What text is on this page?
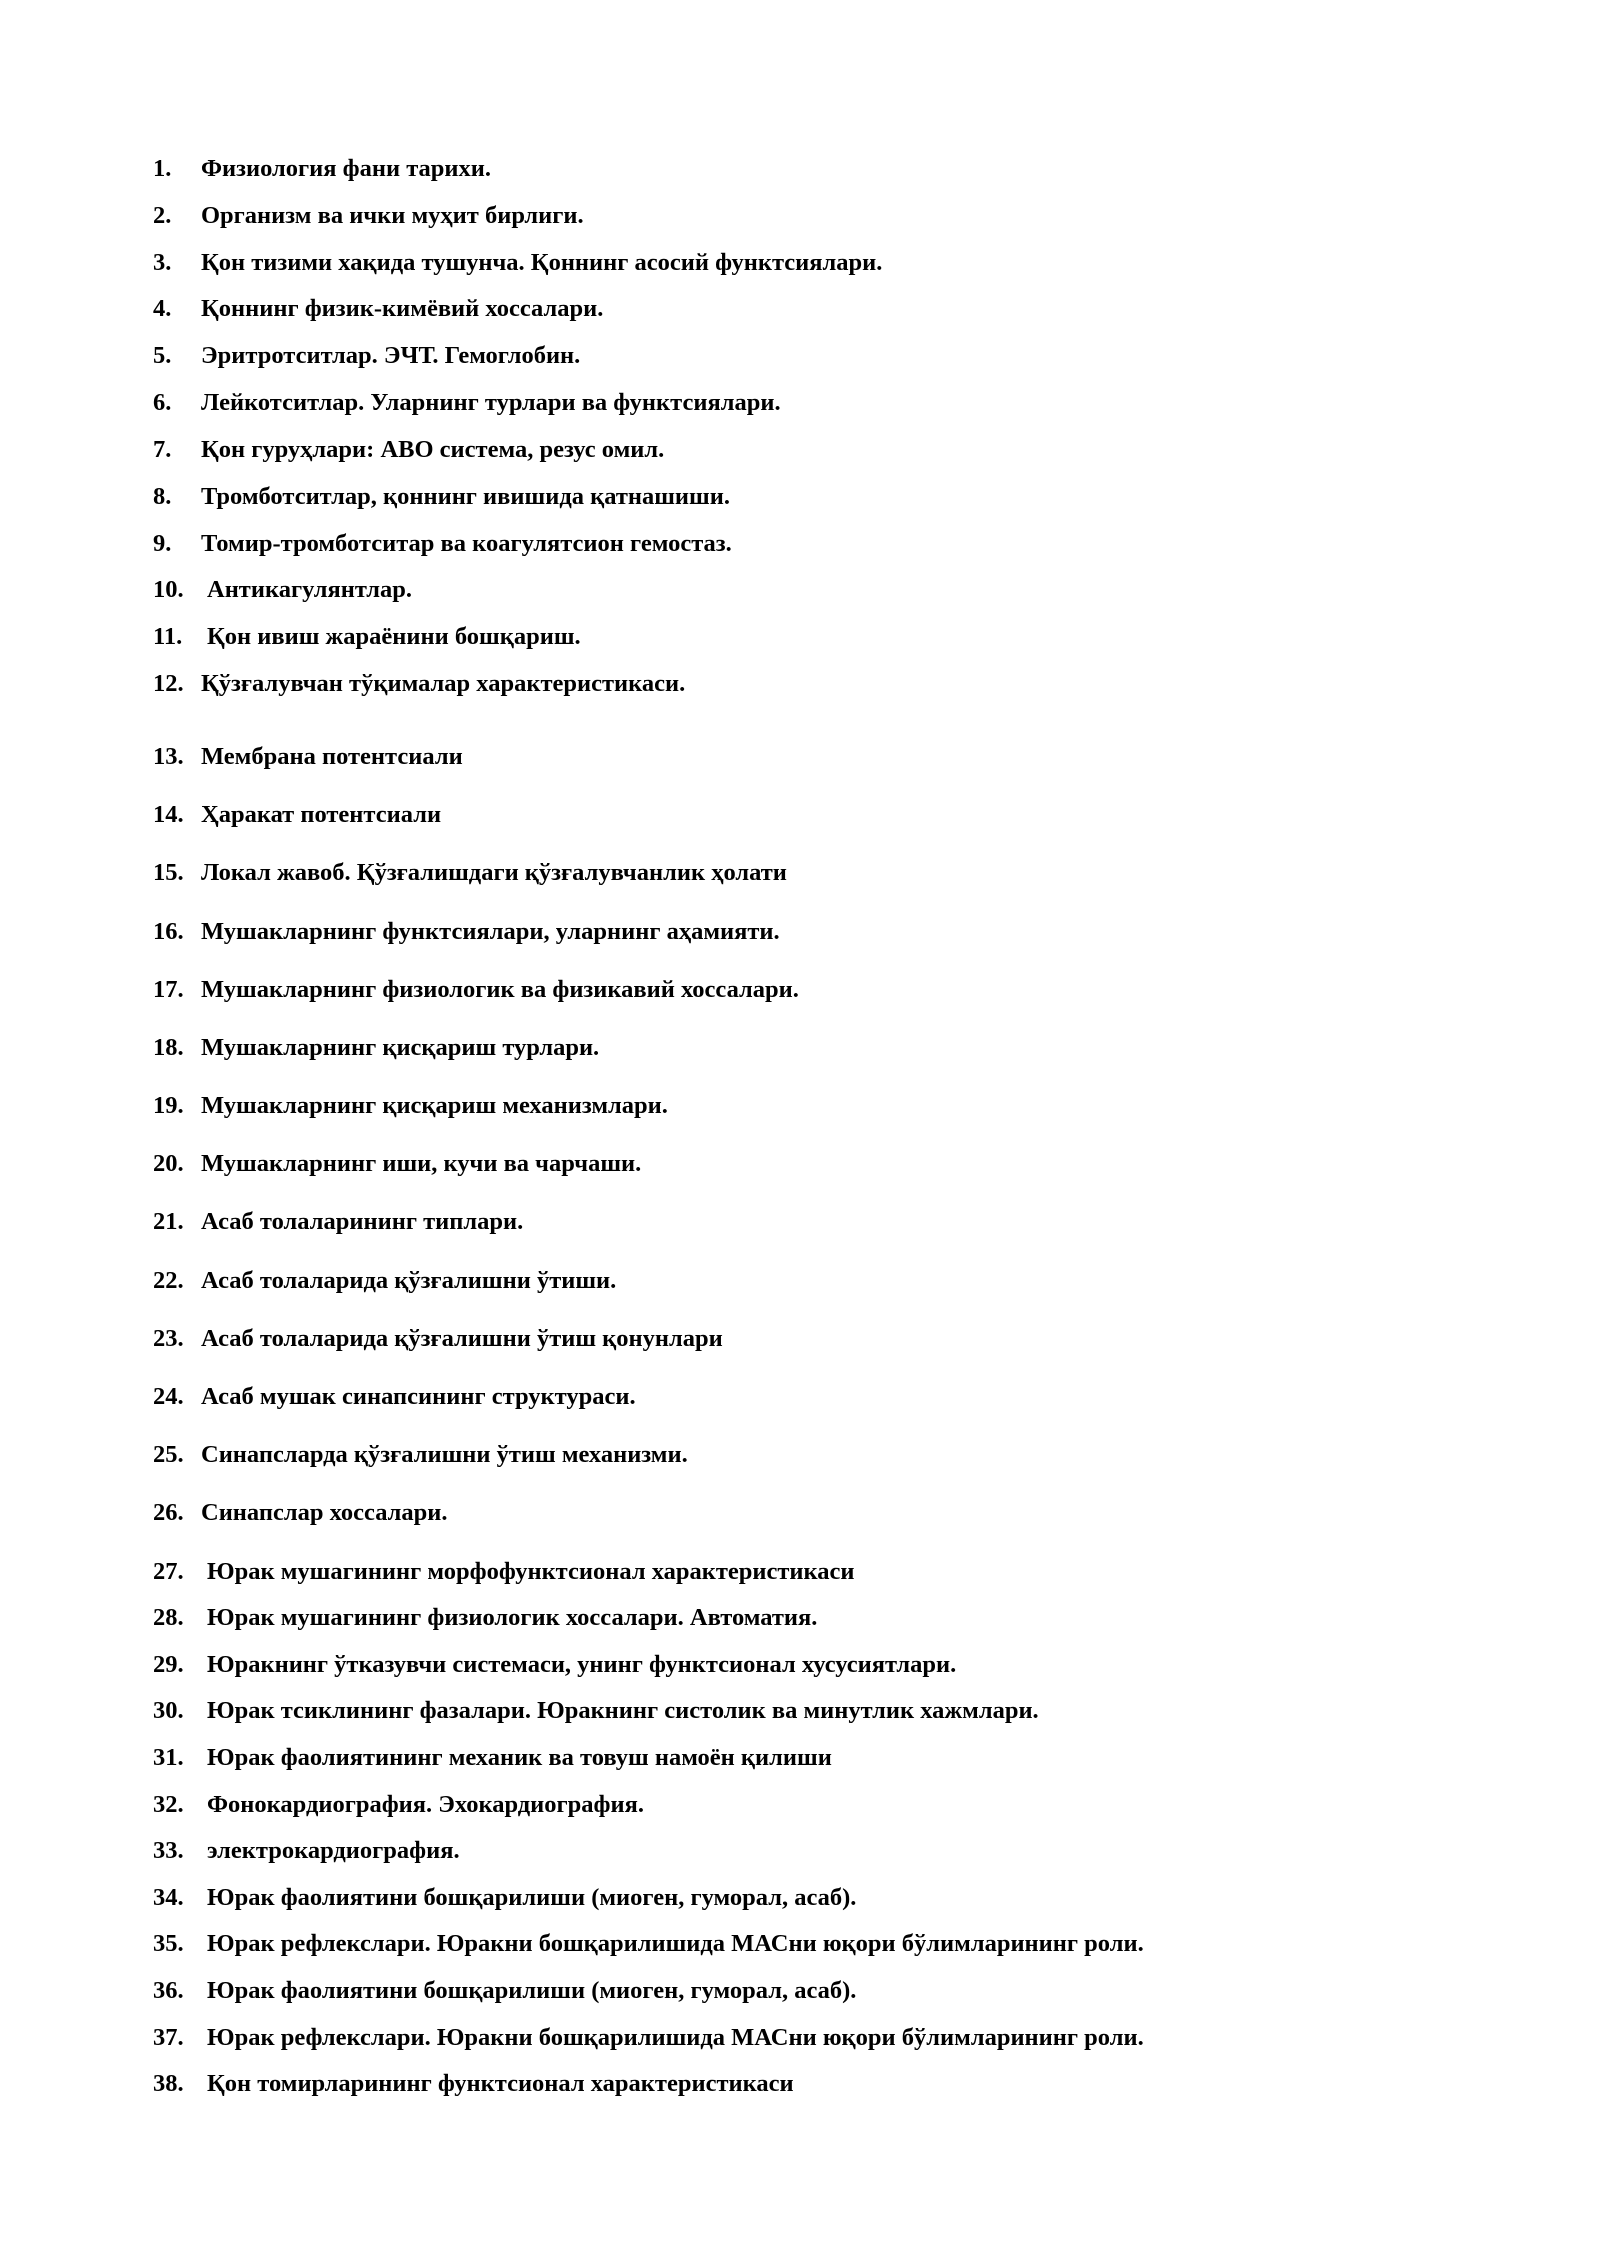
1. Физиология фани тарихи.
2. Организм ва ички муҳит бирлиги.
3. Қон тизими хақида тушунча. Қоннинг асосий функтсиялари.
4. Қоннинг физик-кимёвий хоссалари.
5. Эритротситлар. ЭЧТ. Гемоглобин.
6. Лейкотситлар. Уларнинг турлари ва функтсиялари.
7. Қон гуруҳлари: АВО система, резус омил.
8. Тромботситлар, қоннинг ивишида қатнашиши.
9. Томир-тромботситар ва коагулятсион гемостаз.
10. Антикагулянтлар.
11. Қон ивиш жараёнини бошқариш.
12. Қўзғалувчан тўқималар характеристикаси.
13. Мембрана потентсиали
14. Ҳаракат потентсиали
15. Локал жавоб. Қўзғалишдаги қўзғалувчанлик ҳолати
16. Мушакларнинг функтсиялари, уларнинг аҳамияти.
17. Мушакларнинг физиологик ва физикавий хоссалари.
18. Мушакларнинг қисқариш турлари.
19. Мушакларнинг қисқариш механизмлари.
20. Мушакларнинг иши, кучи ва чарчаши.
21. Асаб толаларининг типлари.
22. Асаб толаларида қўзғалишни ўтиши.
23. Асаб толаларида қўзғалишни ўтиш қонунлари
24. Асаб мушак синапсининг структураси.
25. Синапсларда қўзғалишни ўтиш механизми.
26. Синапслар хоссалари.
27. Юрак мушагининг морфофунктсионал характеристикаси
28. Юрак мушагининг физиологик хоссалари. Автоматия.
29. Юракнинг ўтказувчи системаси, унинг функтсионал хусусиятлари.
30. Юрак тсиклининг фазалари. Юракнинг систолик ва минутлик хажмлари.
31. Юрак фаолиятининг механик ва товуш намоён қилиши
32. Фонокардиография. Эхокардиография.
33. электрокардиография.
34. Юрак фаолиятини бошқарилиши (миоген, гуморал, асаб).
35. Юрак рефлекслари. Юракни бошқарилишида МАСни юқори бўлимларининг роли.
36. Юрак фаолиятини бошқарилиши (миоген, гуморал, асаб).
37. Юрак рефлекслари. Юракни бошқарилишида МАСни юқори бўлимларининг роли.
38. Қон томирларининг функтсионал характеристикаси
